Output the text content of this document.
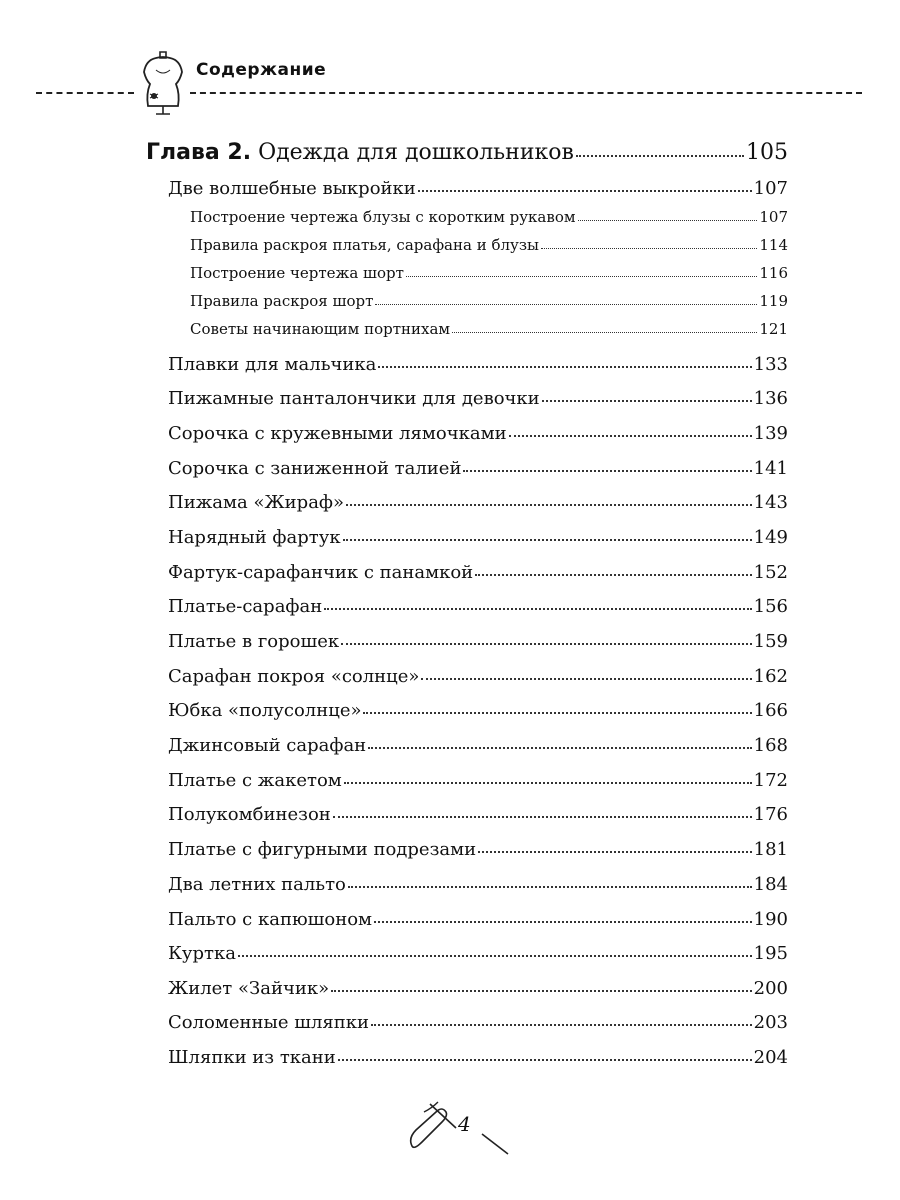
Содержание
Глава 2. Одежда для дошкольников	105
Две волшебные выкройки	107
Построение чертежа блузы с коротким рукавом	107
Правила раскроя платья, сарафана и блузы	114
Построение чертежа шорт	116
Правила раскроя шорт	119
Советы начинающим портнихам	121
Плавки для мальчика	133
Пижамные панталончики для девочки	136
Сорочка с кружевными лямочками	139
Сорочка с заниженной талией	141
Пижама «Жираф»	143
Нарядный фартук	149
Фартук-сарафанчик с панамкой	152
Платье-сарафан	156
Платье в горошек	159
Сарафан покроя «солнце»	162
Юбка «полусолнце»	166
Джинсовый сарафан	168
Платье с жакетом	172
Полукомбинезон	176
Платье с фигурными подрезами	181
Два летних пальто	184
Пальто с капюшоном	190
Куртка	195
Жилет «Зайчик»	200
Соломенные шляпки	203
Шляпки из ткани	204
4
